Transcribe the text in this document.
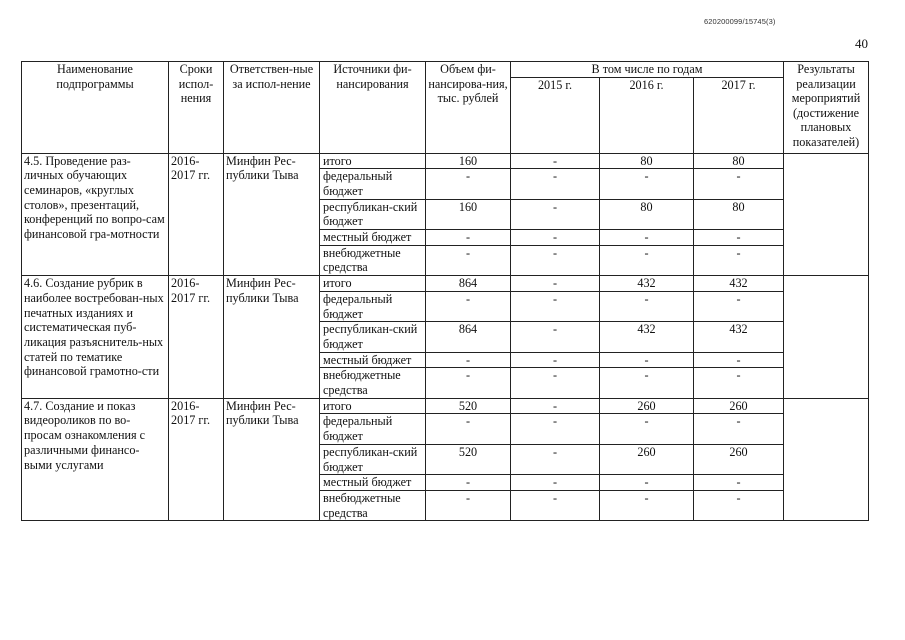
620200099/15745(3)
40
Наименование подпрограммы	Сроки испол-нения	Ответствен-ные за испол-нение	Источники фи-нансирования	Объем фи-нансирова-ния, тыс. рублей	В том числе по годам			Результаты реализации мероприятий (достижение плановых показателей)
					2015 г.	2016 г.	2017 г.	
4.5. Проведение раз-личных обучающих семинаров, «круглых столов», презентаций, конференций по вопро-сам финансовой гра-мотности	2016-2017 гг.	Минфин Рес-публики Тыва	итого	160	-	80	80	
			федеральный бюджет	-	-	-	-	
			республикан-ский бюджет	160	-	80	80	
			местный бюджет	-	-	-	-	
			внебюджетные средства	-	-	-	-	
4.6. Создание рубрик в наиболее востребован-ных печатных изданиях и систематическая пуб-ликация разъяснитель-ных статей по тематике финансовой грамотно-сти	2016-2017 гг.	Минфин Рес-публики Тыва	итого	864	-	432	432	
			федеральный бюджет	-	-	-	-	
			республикан-ский бюджет	864	-	432	432	
			местный бюджет	-	-	-	-	
			внебюджетные средства	-	-	-	-	
4.7. Создание и показ видеороликов по во-просам ознакомления с различными финансо-выми услугами	2016-2017 гг.	Минфин Рес-публики Тыва	итого	520	-	260	260	
			федеральный бюджет	-	-	-	-	
			республикан-ский бюджет	520	-	260	260	
			местный бюджет	-	-	-	-	
			внебюджетные средства	-	-	-	-	
